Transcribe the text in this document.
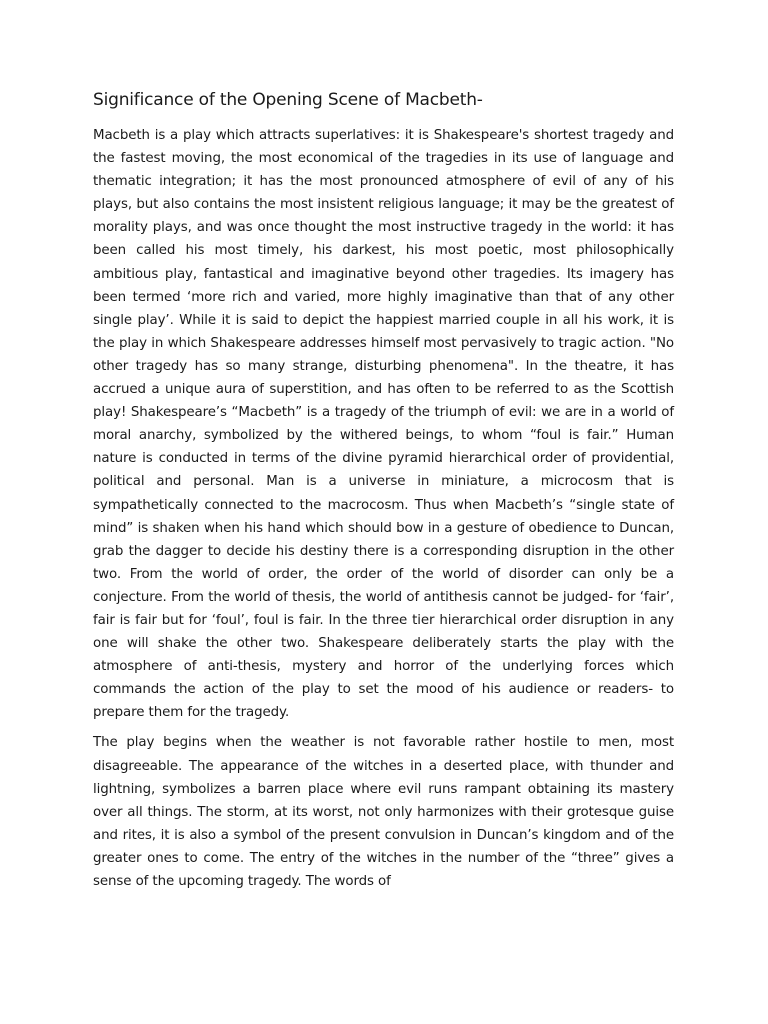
Significance of the Opening Scene of Macbeth-

Macbeth is a play which attracts superlatives: it is Shakespeare's shortest tragedy and the fastest moving, the most economical of the tragedies in its use of language and thematic integration; it has the most pronounced atmosphere of evil of any of his plays, but also contains the most insistent religious language; it may be the greatest of morality plays, and was once thought the most instructive tragedy in the world: it has been called his most timely, his darkest, his most poetic, most philosophically ambitious play, fantastical and imaginative beyond other tragedies. Its imagery has been termed ‘more rich and varied, more highly imaginative than that of any other single play’. While it is said to depict the happiest married couple in all his work, it is the play in which Shakespeare addresses himself most pervasively to tragic action. "No other tragedy has so many strange, disturbing phenomena". In the theatre, it has accrued a unique aura of superstition, and has often to be referred to as the Scottish play! Shakespeare’s “Macbeth” is a tragedy of the triumph of evil: we are in a world of moral anarchy, symbolized by the withered beings, to whom “foul is fair.” Human nature is conducted in terms of the divine pyramid hierarchical order of providential, political and personal. Man is a universe in miniature, a microcosm that is sympathetically connected to the macrocosm. Thus when Macbeth’s “single state of mind” is shaken when his hand which should bow in a gesture of obedience to Duncan, grab the dagger to decide his destiny there is a corresponding disruption in the other two. From the world of order, the order of the world of disorder can only be a conjecture. From the world of thesis, the world of antithesis cannot be judged- for ‘fair’, fair is fair but for ‘foul’, foul is fair. In the three tier hierarchical order disruption in any one will shake the other two. Shakespeare deliberately starts the play with the atmosphere of anti-thesis, mystery and horror of the underlying forces which commands the action of the play to set the mood of his audience or readers- to prepare them for the tragedy.

The play begins when the weather is not favorable rather hostile to men, most disagreeable. The appearance of the witches in a deserted place, with thunder and lightning, symbolizes a barren place where evil runs rampant obtaining its mastery over all things. The storm, at its worst, not only harmonizes with their grotesque guise and rites, it is also a symbol of the present convulsion in Duncan’s kingdom and of the greater ones to come. The entry of the witches in the number of the “three” gives a sense of the upcoming tragedy. The words of
